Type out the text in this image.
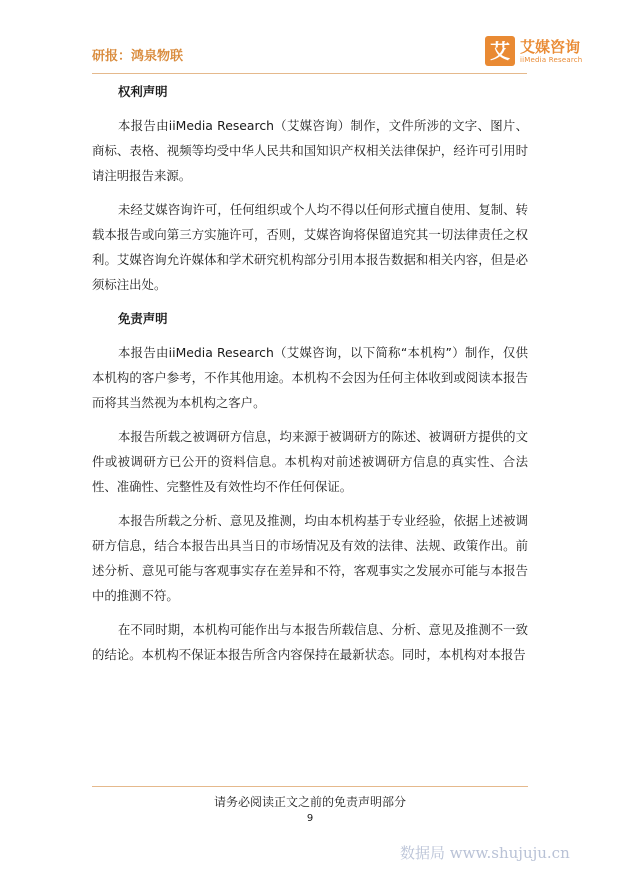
研报：鸿泉物联	艾 艾媒咨询
iiMedia Research
权利声明
本报告由iiMedia Research（艾媒咨询）制作，文件所涉的文字、图片、商标、表格、视频等均受中华人民共和国知识产权相关法律保护，经许可引用时请注明报告来源。
未经艾媒咨询许可，任何组织或个人均不得以任何形式擅自使用、复制、转载本报告或向第三方实施许可，否则，艾媒咨询将保留追究其一切法律责任之权利。艾媒咨询允许媒体和学术研究机构部分引用本报告数据和相关内容，但是必须标注出处。
免责声明
本报告由iiMedia Research（艾媒咨询，以下简称“本机构”）制作，仅供本机构的客户参考，不作其他用途。本机构不会因为任何主体收到或阅读本报告而将其当然视为本机构之客户。
本报告所载之被调研方信息，均来源于被调研方的陈述、被调研方提供的文件或被调研方已公开的资料信息。本机构对前述被调研方信息的真实性、合法性、准确性、完整性及有效性均不作任何保证。
本报告所载之分析、意见及推测，均由本机构基于专业经验，依据上述被调研方信息，结合本报告出具当日的市场情况及有效的法律、法规、政策作出。前述分析、意见可能与客观事实存在差异和不符，客观事实之发展亦可能与本报告中的推测不符。
在不同时期，本机构可能作出与本报告所载信息、分析、意见及推测不一致的结论。本机构不保证本报告所含内容保持在最新状态。同时，本机构对本报告
请务必阅读正文之前的免责声明部分
9
数据局 www.shujuju.cn
